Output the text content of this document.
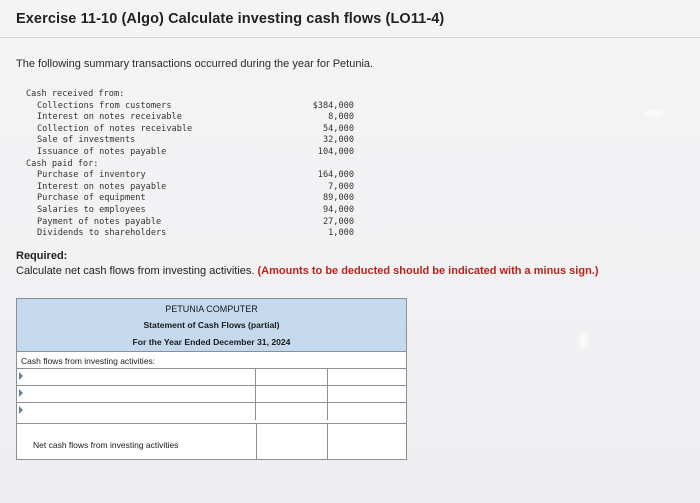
Exercise 11-10 (Algo) Calculate investing cash flows (LO11-4)
The following summary transactions occurred during the year for Petunia.
Cash received from:
Collections from customers	$384,000
Interest on notes receivable	8,000
Collection of notes receivable	54,000
Sale of investments	32,000
Issuance of notes payable	104,000
Cash paid for:
Purchase of inventory	164,000
Interest on notes payable	7,000
Purchase of equipment	89,000
Salaries to employees	94,000
Payment of notes payable	27,000
Dividends to shareholders	1,000
Required:
Calculate net cash flows from investing activities. (Amounts to be deducted should be indicated with a minus sign.)
PETUNIA COMPUTER
Statement of Cash Flows (partial)
For the Year Ended December 31, 2024
Cash flows from investing activities:
Net cash flows from investing activities
